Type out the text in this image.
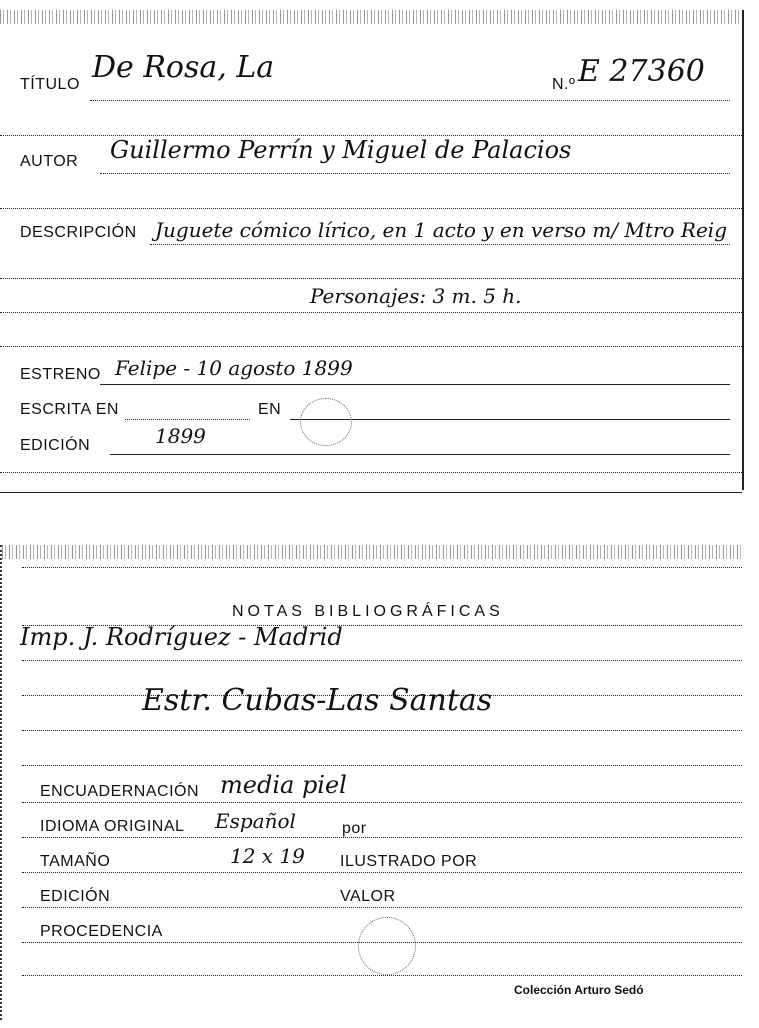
TÍTULO De Rosa, La	N.º E 27360
AUTOR Guillermo Perrín y Miguel de Palacios
DESCRIPCIÓN Juguete cómico lírico, en 1 acto y en verso m/ Mtro Reig
Personajes: 3 m. 5 h.
ESTRENO Felipe - 10 agosto 1899
ESCRITA EN	EN
EDICIÓN	1899
NOTAS BIBLIOGRÁFICAS
Imp. J. Rodríguez - Madrid
Estr. Cubas-Las Santas
ENCUADERNACIÓN media piel
IDIOMA ORIGINAL Español	por
TAMAÑO	12 x 19 ILUSTRADO POR
EDICIÓN	VALOR
PROCEDENCIA
Colección Arturo Sedó
